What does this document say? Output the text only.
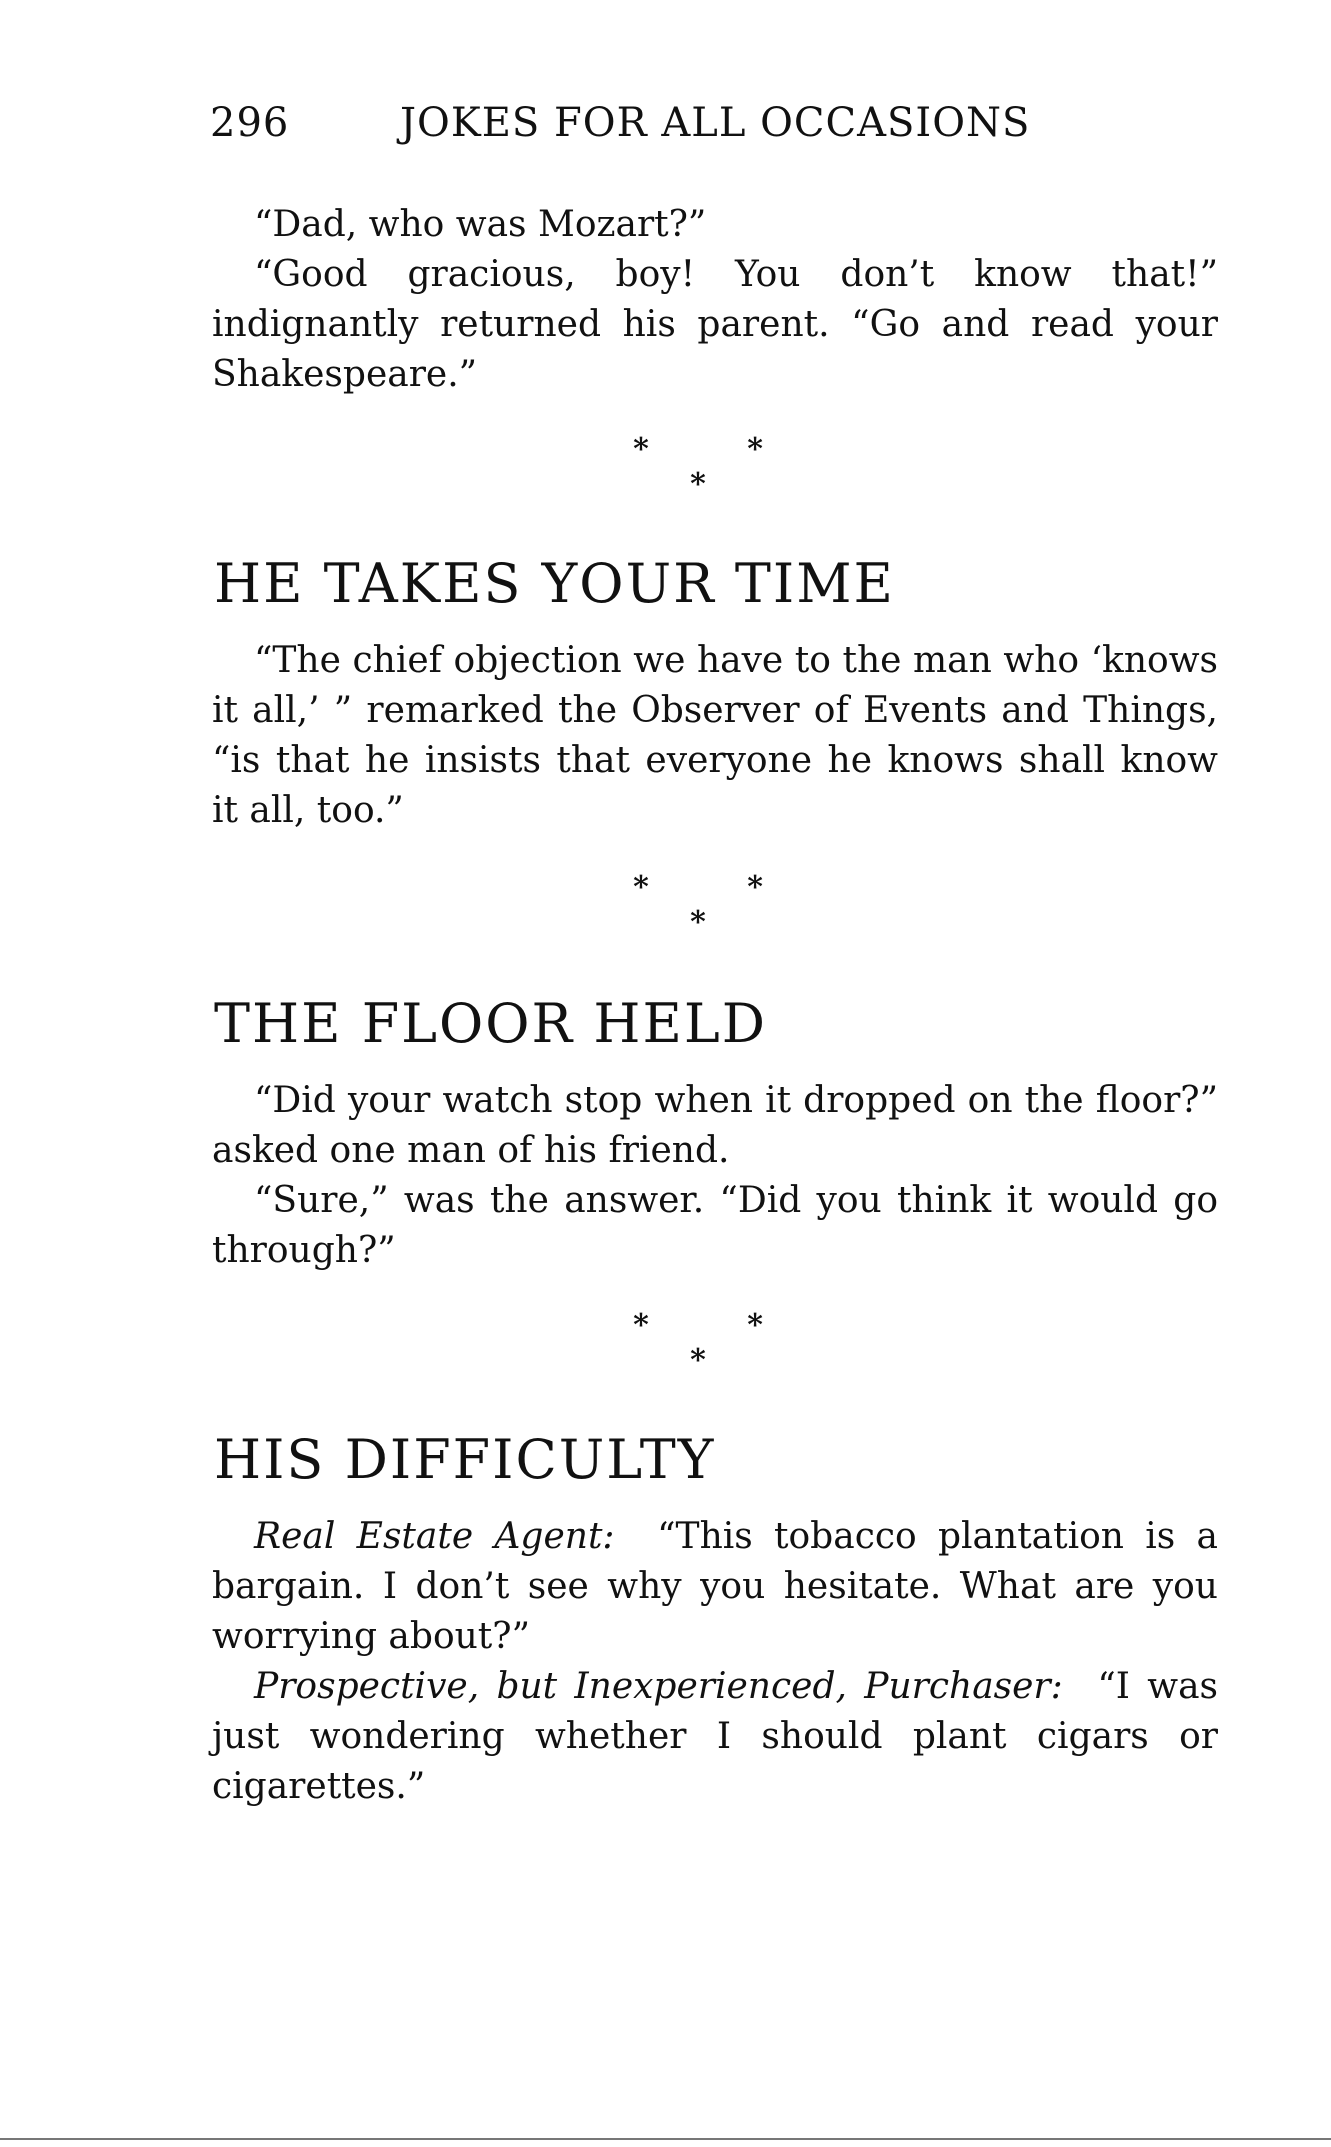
296	JOKES FOR ALL OCCASIONS
“Dad, who was Mozart?”
“Good gracious, boy! You don’t know that!” indignantly returned his parent. “Go and read your Shakespeare.”
* * *
HE TAKES YOUR TIME
“The chief objection we have to the man who ‘knows it all,’ ” remarked the Observer of Events and Things, “is that he insists that everyone he knows shall know it all, too.”
* * *
THE FLOOR HELD
“Did your watch stop when it dropped on the floor?” asked one man of his friend.
“Sure,” was the answer. “Did you think it would go through?”
* * *
HIS DIFFICULTY
Real Estate Agent: “This tobacco plantation is a bargain. I don’t see why you hesitate. What are you worrying about?”
Prospective, but Inexperienced, Purchaser: “I was just wondering whether I should plant cigars or cigarettes.”
